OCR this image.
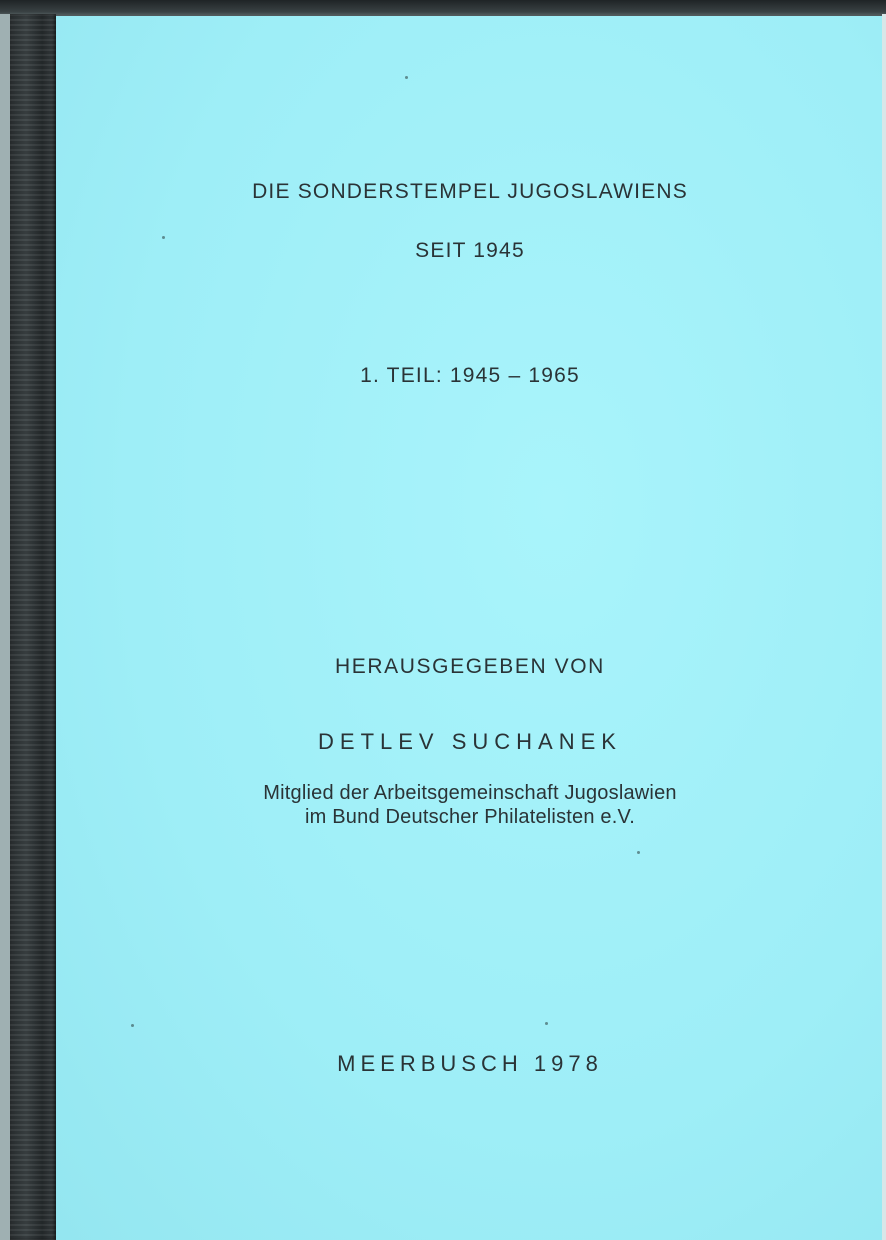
DIE SONDERSTEMPEL JUGOSLAWIENS
SEIT 1945
1. TEIL: 1945 – 1965
HERAUSGEGEBEN VON
DETLEV SUCHANEK
Mitglied der Arbeitsgemeinschaft Jugoslawien
im Bund Deutscher Philatelisten e.V.
MEERBUSCH 1978
